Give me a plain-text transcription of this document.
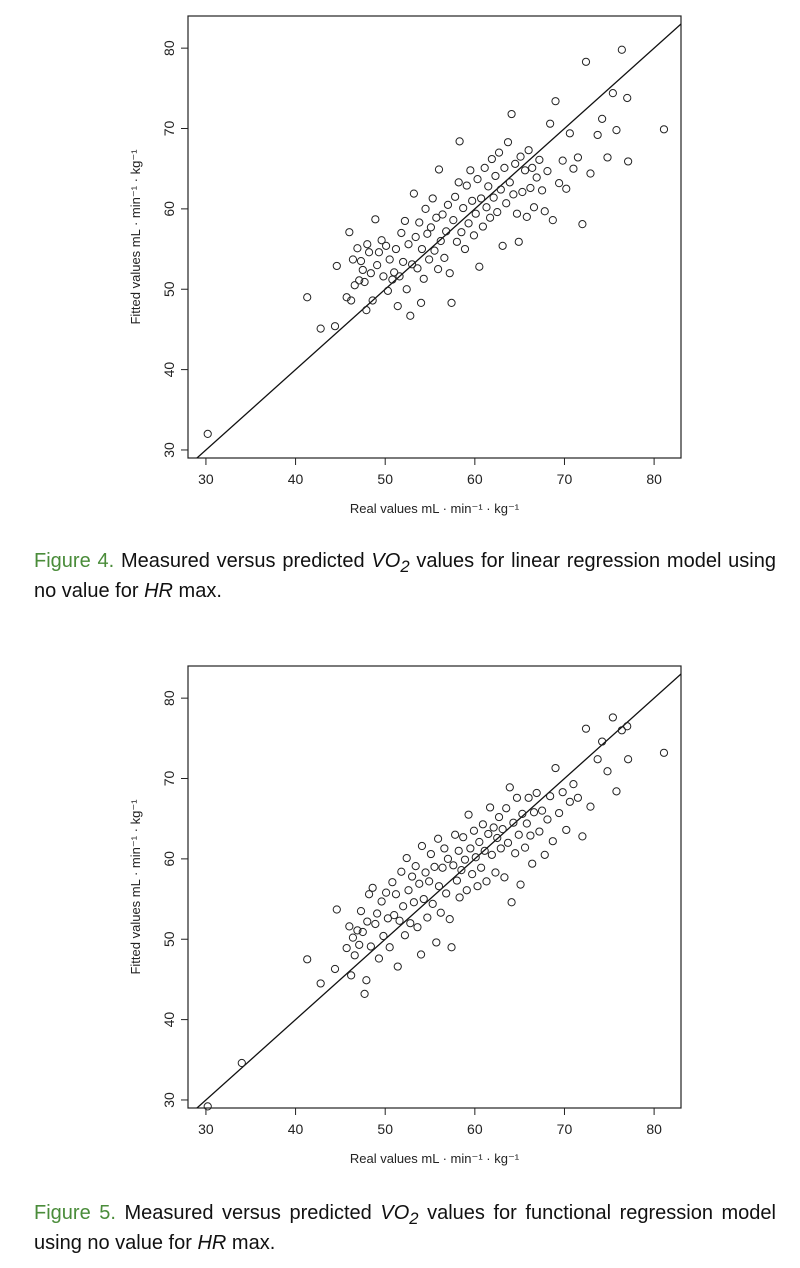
30	40	50	60	70	80
30
40
50
60
70
80
Real values mL · min⁻¹ · kg⁻¹
Fitted values mL · min⁻¹ · kg⁻¹
Figure 4. Measured versus predicted $VO_2$ values for linear regression model using no value for HR max.
30	40	50	60	70	80
30
40
50
60
70
80
Real values mL · min⁻¹ · kg⁻¹
Fitted values mL · min⁻¹ · kg⁻¹
Figure 5. Measured versus predicted $VO_2$ values for functional regression model using no value for HR max.
